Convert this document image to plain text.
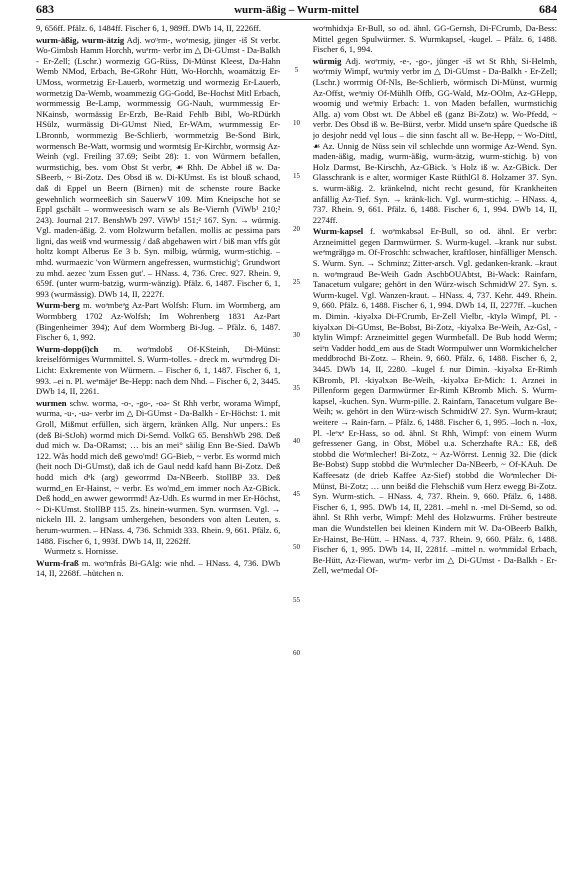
683	wurm-äßig – Wurm-mittel	684

9, 656ff. Pfälz. 6, 1484ff. Fischer 6, 1, 989ff. DWb 14, II, 2226ff.

wurm-äßig, wurm-ätzig Adj. woᵘrm-, woᵊmesig, jünger -iš St verbr. Wo-Gimbsh Hamm Horchh, wuᵊrm- verbr im △ Di-GUmst - Da-Balkh - Er-Zell; (Lschr.) wormezig GG-Rüss, Di-Münst Kleest, Da-Hahn Wemb NMod, Erbach, Be-GRohr Hütt, Wo-Horchh, woamätzig Er-UMoss, wormetzig Er-Lauerb, wormetzig und wormezig Er-Lauerb, wormetzig Da-Wemb, woammezig GG-Godd, Be-Hochst Mitl Erbach, wormmessig Be-Lamp, wormmessig GG-Nauh, wurmmessig Er-NKainsb, wormässig Er-Erzb, Be-Raid Fehlb Bibl, Wo-RDürkh HSülz, wurmässig Di-GUmst Nied, Er-WAm, wurmmessig Er-LBronnb, wormmezig Be-Schlierb, wormmetzig Be-Sond Birk, wormensch Be-Watt, wormsig und wormtsig Er-Kirchbr, wormsig Az-Weinh (vgl. Freiling 37.69; Seibt 28): 1. von Würmern befallen, wurmstichig, bes. vom Obst St verbr, ☙ Rhh. De Abbel iß w. Da-SBeerb, ~ Bi-Zotz. Des Obsd iß w. Di-KUmst. Es ist blouß schaod, daß di Eppel un Beern (Birnen) mit de schenste roure Backe gewehnlich wormeeßich sin SauerwV 109. Mim Kneipsche hot se Eppl gschält – wormweesisch warn se als Be-Viernh (ViWb¹ 210;² 243). Journal 217. BenshWb 297. ViWb¹ 151;² 167. Syn. → würmig. Vgl. maden-äßig. 2. vom Holzwurm befallen. mollis ac pessima pars ligni, das weiß vnd wurmessig / daß abgehawen wirt / biß man vffs gůt holtz kompt Alberus Ee 3 b. Syn. milbig, würmig, wurm-stichig. – mhd. wurmaezic 'von Würmern angefressen, wurmstichig'; Grundwort zu mhd. aezec 'zum Essen gut'. – HNass. 4, 736. Crec. 927. Rhein. 9, 659f. (unter wurm-batzig, wurm-wänzig). Pfälz. 6, 1487. Fischer 6, 1, 993 (wurmässig). DWb 14, II, 2227f.

Wurm-berg m. woᵊmbeᵊg Az-Part Wolfsh: Flurn. im Wormberg, am Wormbberg 1702 Az-Wolfsh; Im Wohrenberg 1831 Az-Part (Bingenheimer 394); Auf dem Wormberg Bi-Jug. – Pfälz. 6, 1487. Fischer 6, 1, 992.

Wurm-dopp(i)ch m. woᵊmdobš Of-KSteinh, Di-Münst: kreiselförmiges Wurmmittel. S. Wurm-tolles. - dreck m. wuᵊmdręg Di-Licht: Exkremente von Würmern. – Fischer 6, 1, 1487. Fischer 6, 1, 993. –ei n. Pl. weᵊmäjeᵊ Be-Hepp: nach dem Nhd. – Fischer 6, 2, 3445. DWb 14, II, 2261.

wurmen schw. worma, -o-, -go-, -oə- St Rhh verbr, worama Wimpf, wurma, -u-, -uə- verbr im △ Di-GUmst - Da-Balkh - Er-Höchst: 1. mit Groll, Mißmut erfüllen, sich ärgern, kränken Allg. Nur unpers.: Es (deß Bi-StJoh) wormd mich Di-Semd. VolkG 65. BenshWb 298. Deß dud mich w. Da-ORamst; … bis an mei° säilig Enn Be-Sied. DaWb 122. Wås hodd mich deß gewo'md! GG-Bieb, ~ verbr. Es wormd mich (heit noch Di-GUmst), daß ich de Gaul nedd kafd hann Bi-Zotz. Deß hodd mich dᵃk (arg) geworrmd Da-NBeerb. StollBP 33. Deß wurmd_en Er-Hainst, ~ verbr. Es wo'md_em immer noch Az-GBick. Deß hodd_en awwer geworrmd! Az-Udh. Es wurmd in mer Er-Höchst, ~ Di-KUmst. StollBP 115. Zs. hinein-wurmen. Syn. wurmsen. Vgl. → nickeln III. 2. langsam umhergehen, besonders von alten Leuten, s. herum-wurmen. – HNass. 4, 736. Schmidt 333. Rhein. 9, 661. Pfälz. 6, 1488. Fischer 6, 1, 993f. DWb 14, II, 2262ff.

Wurmetz s. Hornisse.

Wurm-fraß m. woᵊmfrås Bi-GAlg: wie nhd. – HNass. 4, 736. DWb 14, II, 2268f. –hütchen n.

5
10
15
20
25
30
35
40
45
50
55
60

woᵊmhidxjə Er-Bull, so od. ähnl. GG-Gernsh, Di-FCrumb, Da-Bess: Mittel gegen Spulwürmer. S. Wurmkapsel, -kugel. – Pfälz. 6, 1488. Fischer 6, 1, 994.

würmig Adj. woᵊrmiy, -e-, -go-, jünger -iš wt St Rhh, Si-Helmh, woᵊrmiy Wimpf, wuᵊmiy verbr im △ Di-GUmst - Da-Balkh - Er-Zell; (Lschr.) worrmig Of-Nls, Be-Schlierb, wörmisch Di-Münst, wurmig Az-Offst, weᵊmiy Of-Mühlh Offb, GG-Wald, Mz-OOlm, Az-GHepp, woomig und weᵊmiy Erbach: 1. von Maden befallen, wurmstichig Allg. a) vom Obst wt. De Abbel eß (ganz Bi-Zotz) w. Wo-Pfedd, ~ verbr. Des Obsd iß w. Be-Bürst, verbr. Midd unseᵊn spåre Quedsche iß jo desjohr nedd vęl lous – die sinn fascht all w. Be-Hepp, ~ Wo-Dittl, ☙ Az. Unnig de Nüss sein vil schlechde unn wormige Az-Wend. Syn. maden-äßig, madig, wurm-äßig, wurm-ätzig, wurm-stichig. b) von Holz Darmst, Be-Kirschh, Az-GBick. 's Holz iß w. Az-GBick. Der Glasschrank is e alter, wormiger Kaste RüthlGl 8. Holzamer 37. Syn. s. wurm-äßig. 2. kränkelnd, nicht recht gesund, für Krankheiten anfällig Az-Tief. Syn. → kränk-lich. Vgl. wurm-stichig. – HNass. 4, 737. Rhein. 9, 661. Pfälz. 6, 1488. Fischer 6, 1, 994. DWb 14, II, 2274ff.

Wurm-kapsel f. woᵊmkabsəl Er-Bull, so od. ähnl. Er verbr: Arzneimittel gegen Darmwürmer. S. Wurm-kugel. –krank nur subst. weᵊmgrä̈ŋgə m. Of-Froschh: schwacher, kraftloser, hinfälliger Mensch. S. Wurm. Syn. → Schminz; Zitter-arsch. Vgl. gedanken-krank. –kraut n. woᵊmgraud Be-Weih Gadn AschbOUAbtst, Bi-Wack: Rainfarn, Tanacetum vulgare; gehört in den Würz-wisch SchmidtW 27. Syn. s. Wurm-kugel. Vgl. Wanzen-kraut. – HNass. 4, 737. Kehr. 449. Rhein. 9, 660. Pfälz. 6, 1488. Fischer 6, 1, 994. DWb 14, II, 2277ff. –kuchen m. Dimin. -kiyəlxə Di-FCrumb, Er-Zell Vielbr, -kīylə Wimpf, Pl. -kiyəlxən Di-GUmst, Be-Bobst, Bi-Zotz, -kiyəlxə Be-Weih, Az-Gsl, -kīylin Wimpf: Arzneimittel gegen Wurmbefall. De Bub hodd Werm; seiᵊn Vadder hodd_em aus de Stadt Wormpulwer unn Wormkichelcher meddbrochd Bi-Zotz. – Rhein. 9, 660. Pfälz. 6, 1488. Fischer 6, 2, 3445. DWb 14, II, 2280. –kugel f. nur Dimin. -kiyəlxə Er-Rimh KBromb, Pl. -kiyəlxən Be-Weih, -kiyəlxə Er-Mich: 1. Arznei in Pillenform gegen Darmwürmer Er-Rimh KBromb Mich. S. Wurm-kapsel, -kuchen. Syn. Wurm-pille. 2. Rainfarn, Tanacetum vulgare Be-Weih; w. gehört in den Würz-wisch SchmidtW 27. Syn. Wurm-kraut; weitere → Rain-farn. – Pfälz. 6, 1488. Fischer 6, 1, 995. –loch n. -lox, Pl. -leᵊxᵊ Er-Hass, so od. ähnl. St Rhh, Wimpf: von einem Wurm gefressener Gang, in Obst, Möbel u.a. Scherzhafte RA.: Eß, deß stobbd die Woᵊmlecher! Bi-Zotz, ~ Az-Wörrst. Lennig 32. Die (dick Be-Bobst) Supp stobbd die Wuᵊmlecher Da-NBeerb, ~ Of-KAuh. De Kaffeesatz (de drieb Kaffee Az-Sief) stobbd die Woᵊmlecher Di-Münst, Bi-Zotz; … unn beißd die Flehschiß vum Herz ewegg Bi-Zotz. Syn. Wurm-stich. – HNass. 4, 737. Rhein. 9, 660. Pfälz. 6, 1488. Fischer 6, 1, 995. DWb 14, II, 2281. –mehl n. -mel Di-Semd, so od. ähnl. St Rhh verbr, Wimpf: Mehl des Holzwurms. Früher bestreute man die Wundstellen bei kleinen Kindern mit W. Da-OBeerb Balkh, Er-Hainst, Be-Hütt. – HNass. 4, 737. Rhein. 9, 660. Pfälz. 6, 1488. Fischer 6, 1, 995. DWb 14, II, 2281f. –mittel n. woᵊmmidəl Erbach, Be-Hütt, Az-Fiewan, wuᵊm- verbr im △ Di-GUmst - Da-Balkh - Er-Zell, weᵊmedal Of-
